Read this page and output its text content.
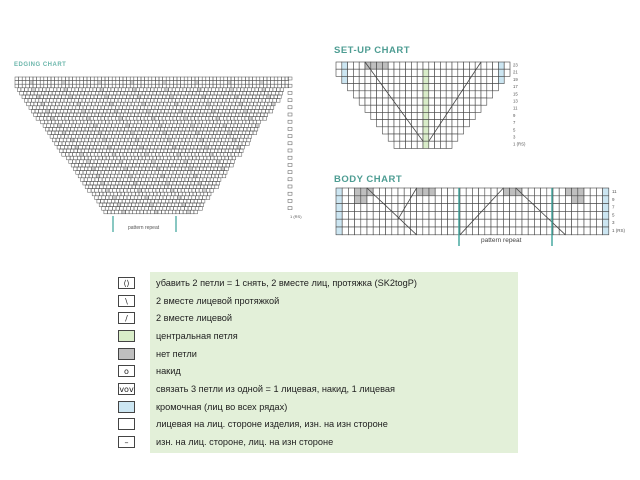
EDGING CHART
SET-UP CHART
BODY CHART
pattern repeat
1 (RS)
23
21
19
17
15
13
11
9
7
5
3
1 (RS)
11
9
7
5
3
1 (RS)
pattern repeat
⟨⟩	убавить 2 петли = 1 снять, 2 вместе лиц, протяжка (SK2togP)
\	2 вместе лицевой протяжкой
/	2 вместе лицевой
центральная петля
нет петли
o	накид
vov связать 3 петли из одной = 1 лицевая, накид, 1 лицевая
кромочная (лиц во всех рядах)
лицевая на лиц. стороне изделия, изн. на изн стороне
–	изн. на лиц. стороне, лиц. на изн стороне
